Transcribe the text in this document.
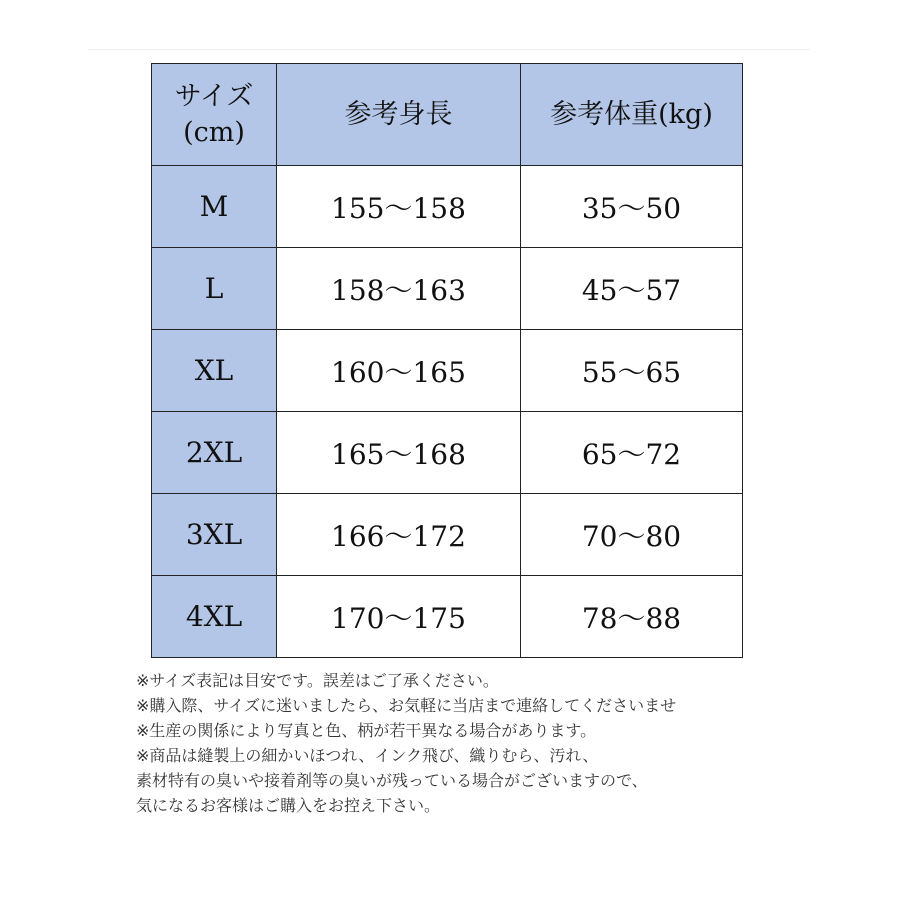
サイズ
(cm)	参考身長	参考体重(kg)
M	155〜158	35〜50
L	158〜163	45〜57
XL	160〜165	55〜65
2XL	165〜168	65〜72
3XL	166〜172	70〜80
4XL	170〜175	78〜88
※サイズ表記は目安です。誤差はご了承ください。
※購入際、サイズに迷いましたら、お気軽に当店まで連絡してくださいませ
※生産の関係により写真と色、柄が若干異なる場合があります。
※商品は縫製上の細かいほつれ、インク飛び、織りむら、汚れ、
素材特有の臭いや接着剤等の臭いが残っている場合がございますので、
気になるお客様はご購入をお控え下さい。
